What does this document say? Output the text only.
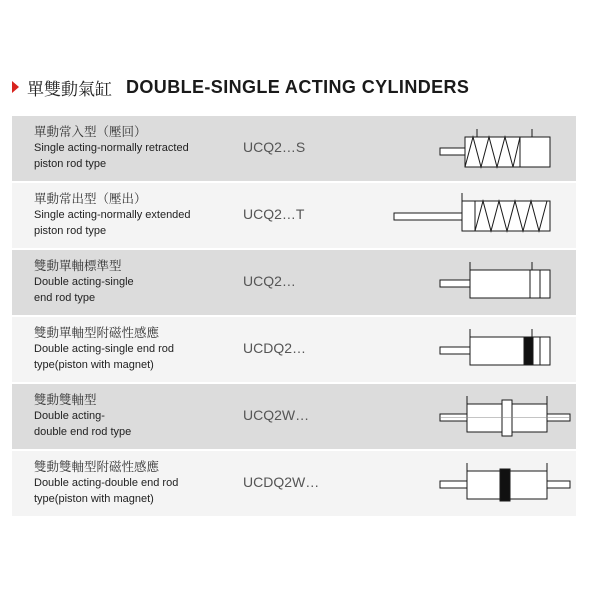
單雙動氣缸 DOUBLE-SINGLE ACTING CYLINDERS
單動常入型（壓回）
Single acting-normally retracted
piston rod type
UCQ2…S
單動常出型（壓出）
Single acting-normally extended
piston rod type
UCQ2…T
雙動單軸標準型
Double acting-single
end rod type
UCQ2…
雙動單軸型附磁性感應
Double acting-single end rod
type(piston with magnet)
UCDQ2…
雙動雙軸型
Double acting-
double end rod type
UCQ2W…
雙動雙軸型附磁性感應
Double acting-double end rod
type(piston with magnet)
UCDQ2W…
